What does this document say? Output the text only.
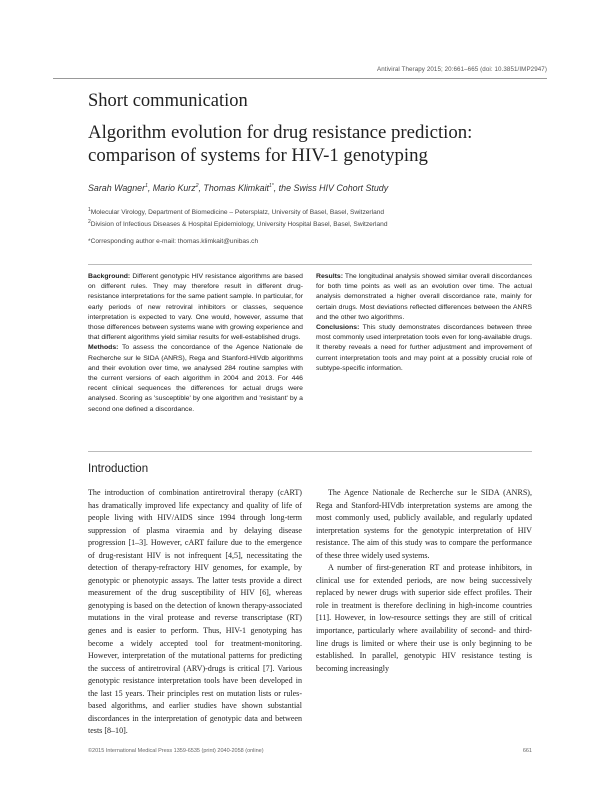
Antiviral Therapy 2015; 20:661–665 (doi: 10.3851/IMP2947)
Short communication
Algorithm evolution for drug resistance prediction: comparison of systems for HIV-1 genotyping
Sarah Wagner$^1$, Mario Kurz$^2$, Thomas Klimkait$^{1*}$, the Swiss HIV Cohort Study
$^1$Molecular Virology, Department of Biomedicine – Petersplatz, University of Basel, Basel, Switzerland
$^2$Division of Infectious Diseases & Hospital Epidemiology, University Hospital Basel, Basel, Switzerland
*Corresponding author e-mail: thomas.klimkait@unibas.ch

Background: Different genotypic HIV resistance algorithms are based on different rules. They may therefore result in different drug-resistance interpretations for the same patient sample. In particular, for early periods of new retroviral inhibitors or classes, sequence interpretation is expected to vary. One would, however, assume that those differences between systems wane with growing experience and that different algorithms yield similar results for well-established drugs.

Methods: To assess the concordance of the Agence Nationale de Recherche sur le SIDA (ANRS), Rega and Stanford-HIVdb algorithms and their evolution over time, we analysed 284 routine samples with the current versions of each algorithm in 2004 and 2013. For 446 recent clinical sequences the differences for actual drugs were analysed. Scoring as 'susceptible' by one algorithm and 'resistant' by a second one defined a discordance.

Results: The longitudinal analysis showed similar overall discordances for both time points as well as an evolution over time. The actual analysis demonstrated a higher overall discordance rate, mainly for certain drugs. Most deviations reflected differences between the ANRS and the other two algorithms.

Conclusions: This study demonstrates discordances between three most commonly used interpretation tools even for long-available drugs. It thereby reveals a need for further adjustment and improvement of current interpretation tools and may point at a possibly crucial role of subtype-specific information.

Introduction

The introduction of combination antiretroviral therapy (cART) has dramatically improved life expectancy and quality of life of people living with HIV/AIDS since 1994 through long-term suppression of plasma viraemia and by delaying disease progression [1–3]. However, cART failure due to the emergence of drug-resistant HIV is not infrequent [4,5], necessitating the detection of therapy-refractory HIV genomes, for example, by genotypic or phenotypic assays. The latter tests provide a direct measurement of the drug susceptibility of HIV [6], whereas genotyping is based on the detection of known therapy-associated mutations in the viral protease and reverse transcriptase (RT) genes and is easier to perform. Thus, HIV-1 genotyping has become a widely accepted tool for treatment-monitoring. However, interpretation of the mutational patterns for predicting the success of antiretroviral (ARV)-drugs is critical [7]. Various genotypic resistance interpretation tools have been developed in the last 15 years. Their principles rest on mutation lists or rules-based algorithms, and earlier studies have shown substantial discordances in the interpretation of genotypic data and between tests [8–10].

The Agence Nationale de Recherche sur le SIDA (ANRS), Rega and Stanford-HIVdb interpretation systems are among the most commonly used, publicly available, and regularly updated interpretation systems for the genotypic interpretation of HIV resistance. The aim of this study was to compare the performance of these three widely used systems.

A number of first-generation RT and protease inhibitors, in clinical use for extended periods, are now being successively replaced by newer drugs with superior side effect profiles. Their role in treatment is therefore declining in high-income countries [11]. However, in low-resource settings they are still of critical importance, particularly where availability of second- and third-line drugs is limited or where their use is only beginning to be established. In parallel, genotypic HIV resistance testing is becoming increasingly

©2015 International Medical Press 1359-6535 (print) 2040-2058 (online)	661
